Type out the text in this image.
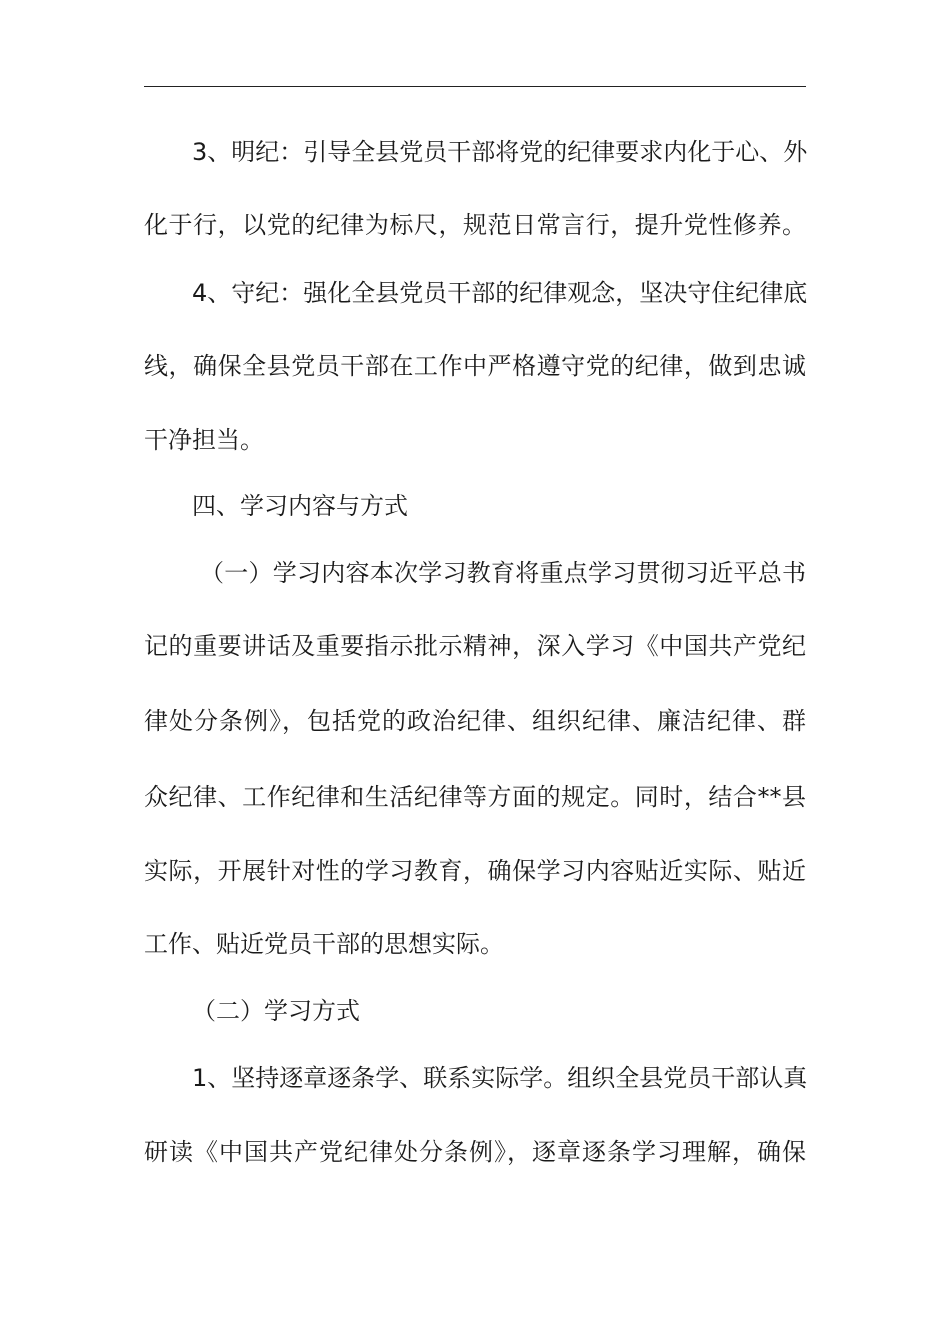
3、明纪：引导全县党员干部将党的纪律要求内化于心、外
化于行，以党的纪律为标尺，规范日常言行，提升党性修养。
4、守纪：强化全县党员干部的纪律观念，坚决守住纪律底
线，确保全县党员干部在工作中严格遵守党的纪律，做到忠诚
干净担当。
四、学习内容与方式
（一）学习内容本次学习教育将重点学习贯彻习近平总书
记的重要讲话及重要指示批示精神，深入学习《中国共产党纪
律处分条例》，包括党的政治纪律、组织纪律、廉洁纪律、群
众纪律、工作纪律和生活纪律等方面的规定。同时，结合**县
实际，开展针对性的学习教育，确保学习内容贴近实际、贴近
工作、贴近党员干部的思想实际。
（二）学习方式
1、坚持逐章逐条学、联系实际学。组织全县党员干部认真
研读《中国共产党纪律处分条例》，逐章逐条学习理解，确保
